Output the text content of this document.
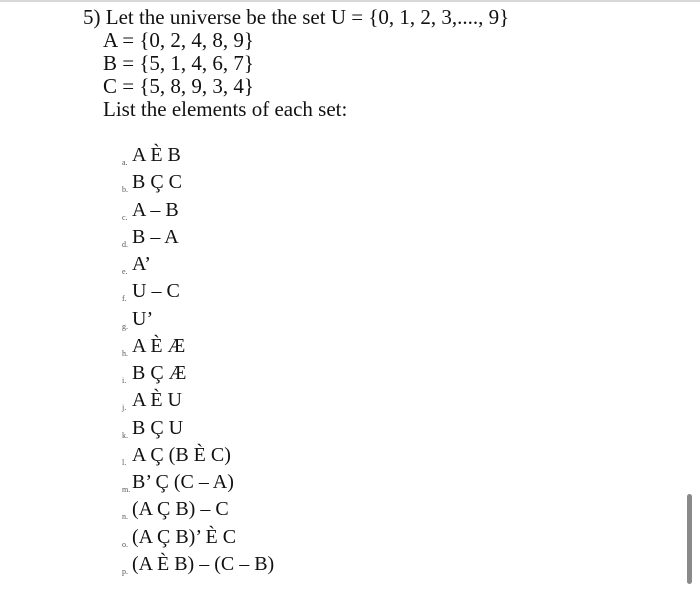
5) Let the universe be the set U = {0, 1, 2, 3,...., 9}
A = {0, 2, 4, 8, 9}
B = {5, 1, 4, 6, 7}
C = {5, 8, 9, 3, 4}
List the elements of each set:
a. A È B
b. B Ç C
c. A – B
d. B – A
e. A’
f. U – C
g. U’
h. A È Æ
i. B Ç Æ
j. A È U
k. B Ç U
l. A Ç (B È C)
m. B’ Ç (C – A)
n. (A Ç B) – C
o. (A Ç B)’ È C
p. (A È B) – (C – B)
